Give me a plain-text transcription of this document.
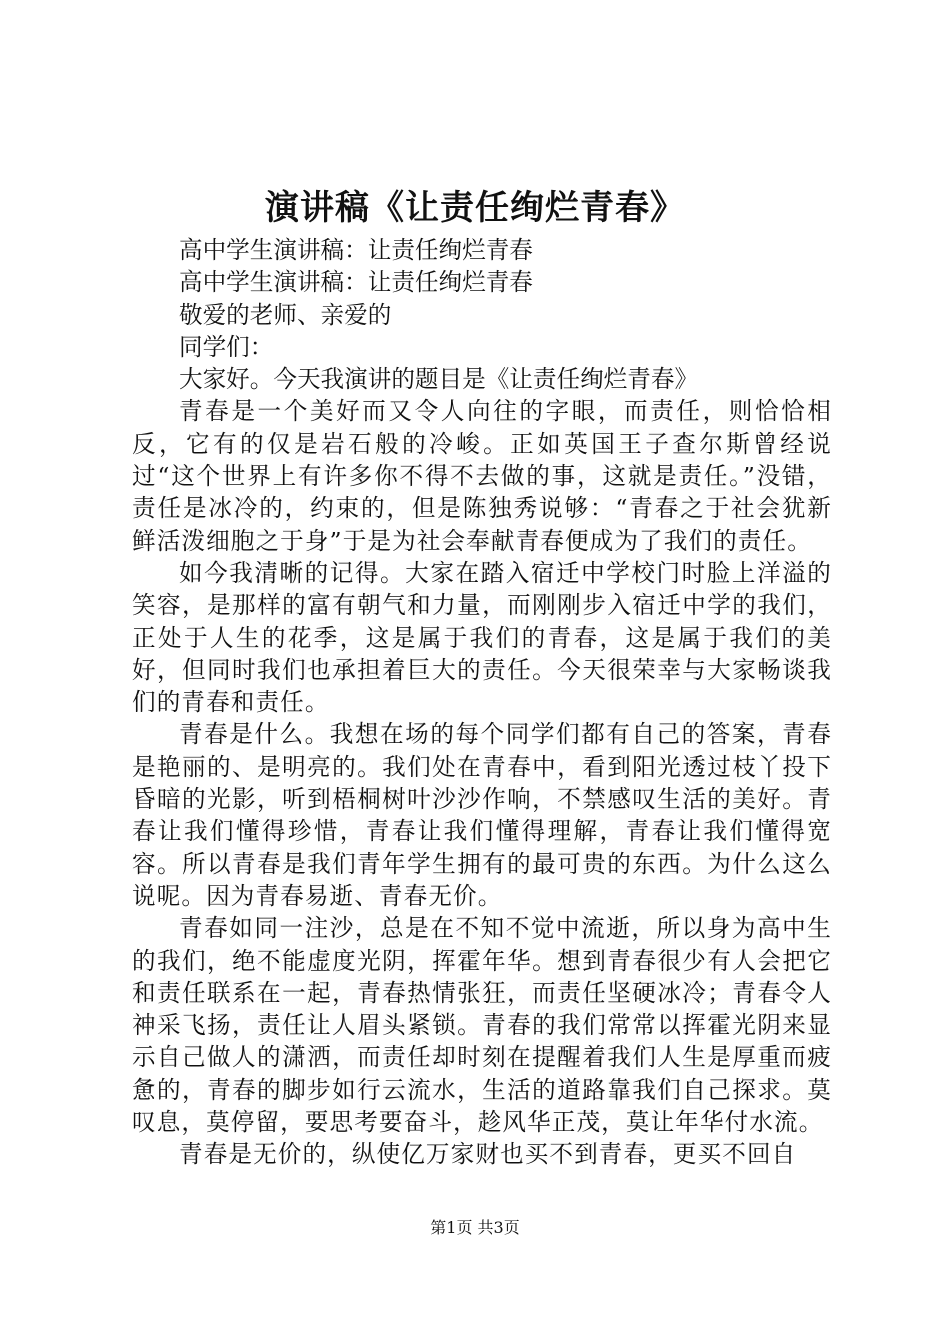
演讲稿《让责任绚烂青春》

高中学生演讲稿：让责任绚烂青春

高中学生演讲稿：让责任绚烂青春

敬爱的老师、亲爱的

同学们：

大家好。今天我演讲的题目是《让责任绚烂青春》

青春是一个美好而又令人向往的字眼，而责任，则恰恰相反，它有的仅是岩石般的冷峻。正如英国王子查尔斯曾经说过“这个世界上有许多你不得不去做的事，这就是责任。”没错，责任是冰冷的，约束的，但是陈独秀说够：“青春之于社会犹新鲜活泼细胞之于身”于是为社会奉献青春便成为了我们的责任。

如今我清晰的记得。大家在踏入宿迁中学校门时脸上洋溢的笑容，是那样的富有朝气和力量，而刚刚步入宿迁中学的我们，正处于人生的花季，这是属于我们的青春，这是属于我们的美好，但同时我们也承担着巨大的责任。今天很荣幸与大家畅谈我们的青春和责任。

青春是什么。我想在场的每个同学们都有自己的答案，青春是艳丽的、是明亮的。我们处在青春中，看到阳光透过枝丫投下昏暗的光影，听到梧桐树叶沙沙作响，不禁感叹生活的美好。青春让我们懂得珍惜，青春让我们懂得理解，青春让我们懂得宽容。所以青春是我们青年学生拥有的最可贵的东西。为什么这么说呢。因为青春易逝、青春无价。

青春如同一注沙，总是在不知不觉中流逝，所以身为高中生的我们，绝不能虚度光阴，挥霍年华。想到青春很少有人会把它和责任联系在一起，青春热情张狂，而责任坚硬冰冷；青春令人神采飞扬，责任让人眉头紧锁。青春的我们常常以挥霍光阴来显示自己做人的潇洒，而责任却时刻在提醒着我们人生是厚重而疲惫的，青春的脚步如行云流水，生活的道路靠我们自己探求。莫叹息，莫停留，要思考要奋斗，趁风华正茂，莫让年华付水流。

青春是无价的，纵使亿万家财也买不到青春，更买不回自

第1页 共3页
